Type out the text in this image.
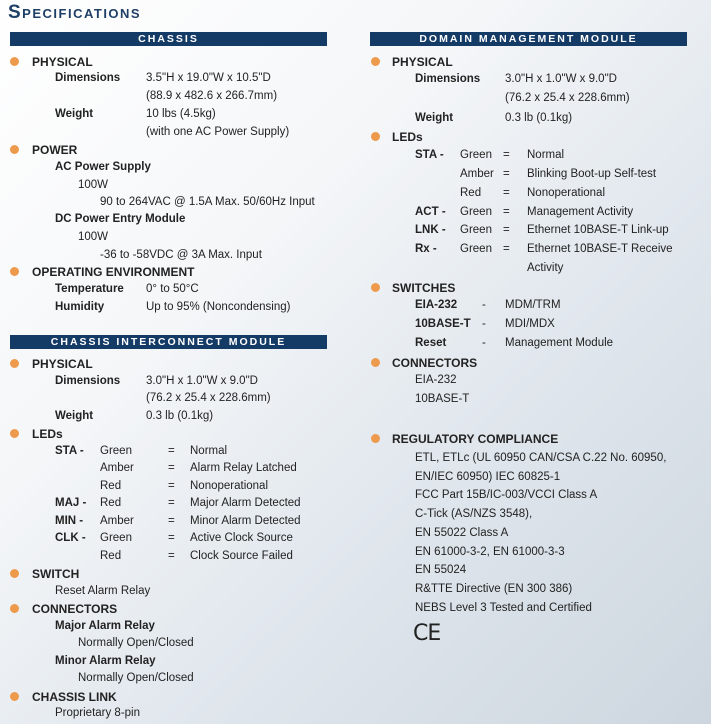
Specifications
CHASSIS	DOMAIN MANAGEMENT MODULE
CHASSIS INTERCONNECT MODULE
PHYSICAL
Dimensions 3.5"H x 19.0"W x 10.5"D
(88.9 x 482.6 x 266.7mm)
Weight	10 lbs (4.5kg)
(with one AC Power Supply)
POWER
AC Power Supply
100W
90 to 264VAC @ 1.5A Max. 50/60Hz Input
DC Power Entry Module
100W
-36 to -58VDC @ 3A Max. Input
OPERATING ENVIRONMENT
Temperature 0° to 50°C
Humidity	Up to 95% (Noncondensing)
PHYSICAL
Dimensions 3.0"H x 1.0"W x 9.0"D
(76.2 x 25.4 x 228.6mm)
Weight	0.3 lb (0.1kg)
LEDs
STA - Green	= Normal
Amber	= Alarm Relay Latched
Red	= Nonoperational
MAJ - Red	= Major Alarm Detected
MIN - Amber	= Minor Alarm Detected
CLK - Green	= Active Clock Source
Red	= Clock Source Failed
SWITCH
Reset Alarm Relay
CONNECTORS
Major Alarm Relay
Normally Open/Closed
Minor Alarm Relay
Normally Open/Closed
CHASSIS LINK
Proprietary 8-pin
PHYSICAL
Dimensions 3.0"H x 1.0"W x 9.0"D
(76.2 x 25.4 x 228.6mm)
Weight	0.3 lb (0.1kg)
LEDs
STA - Green = Normal
Amber = Blinking Boot-up Self-test
Red = Nonoperational
ACT - Green = Management Activity
LNK - Green = Ethernet 10BASE-T Link-up
Rx - Green = Ethernet 10BASE-T Receive
Activity
SWITCHES
EIA-232 - MDM/TRM
10BASE-T - MDI/MDX
Reset	- Management Module
CONNECTORS
EIA-232
10BASE-T
REGULATORY COMPLIANCE
ETL, ETLc (UL 60950 CAN/CSA C.22 No. 60950,
EN/IEC 60950) IEC 60825-1
FCC Part 15B/IC-003/VCCI Class A
C-Tick (AS/NZS 3548),
EN 55022 Class A
EN 61000-3-2, EN 61000-3-3
EN 55024
R&TTE Directive (EN 300 386)
NEBS Level 3 Tested and Certified
CE
